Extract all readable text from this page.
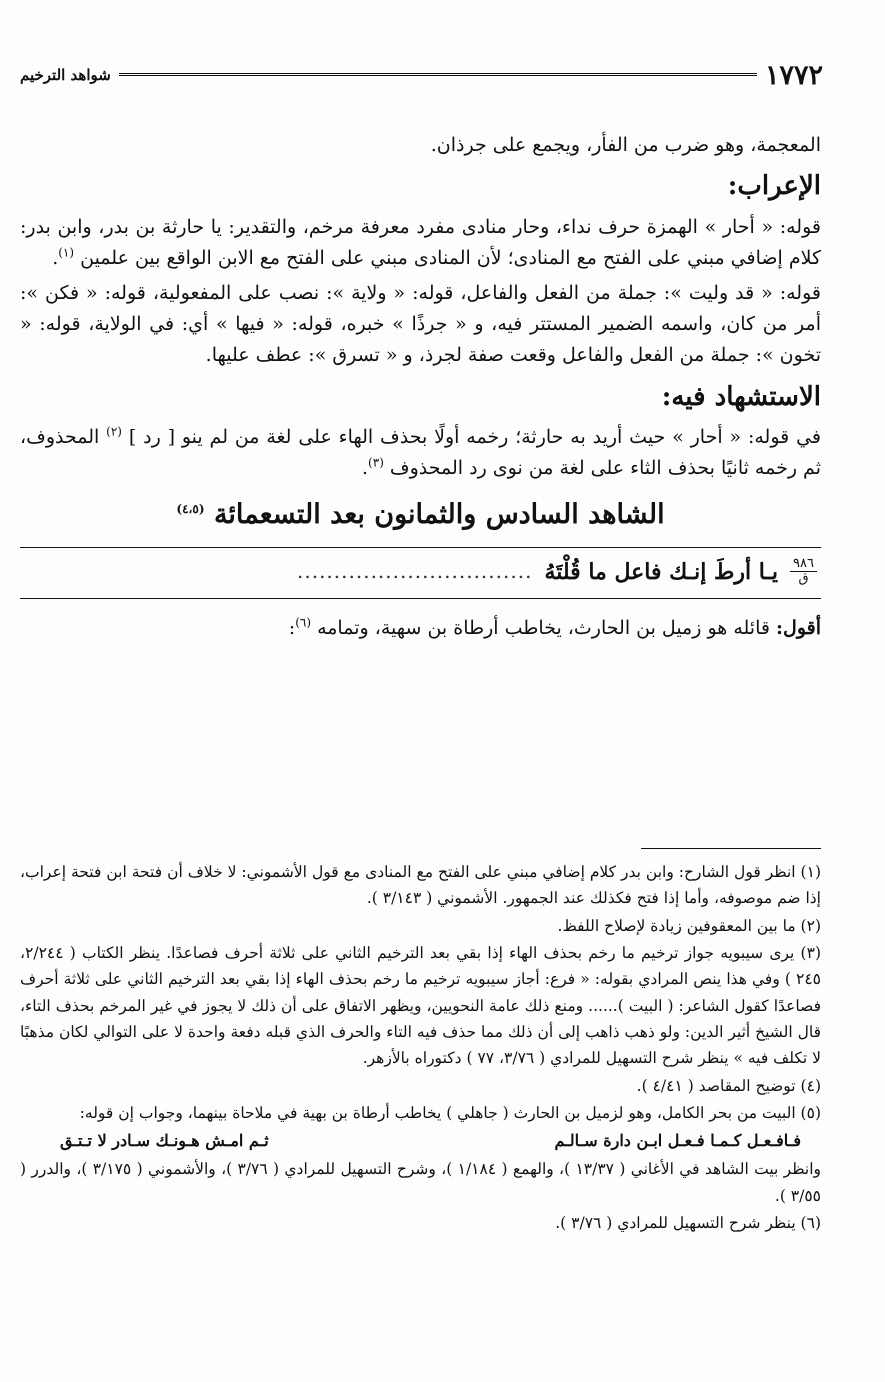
١٧٧٢
شواهد الترخيم

المعجمة، وهو ضرب من الفأر، ويجمع على جرذان.

الإعراب:

قوله: « أحار » الهمزة حرف نداء، وحار منادى مفرد معرفة مرخم، والتقدير: يا حارثة بن بدر، وابن بدر: كلام إضافي مبني على الفتح مع المنادى؛ لأن المنادى مبني على الفتح مع الابن الواقع بين علمين $^{(١)}$.

قوله: « قد وليت »: جملة من الفعل والفاعل، قوله: « ولاية »: نصب على المفعولية، قوله: « فكن »: أمر من كان، واسمه الضمير المستتر فيه، و « جرذًا » خبره، قوله: « فيها » أي: في الولاية، قوله: « تخون »: جملة من الفعل والفاعل وقعت صفة لجرذ، و « تسرق »: عطف عليها.

الاستشهاد فيه:

في قوله: « أحار » حيث أريد به حارثة؛ رخمه أولًا بحذف الهاء على لغة من لم ينو [ رد ] $^{(٢)}$ المحذوف، ثم رخمه ثانيًا بحذف الثاء على لغة من نوى رد المحذوف $^{(٣)}$.

الشاهد السادس والثمانون بعد التسعمائة $^{(٤،٥)}$
٩٨٦
ق
يـا أرطَ إنـك فاعل ما قُلْتَهُ
................................

أقول: قائله هو زميل بن الحارث، يخاطب أرطاة بن سهية، وتمامه $^{(٦)}$:

(١) انظر قول الشارح: وابن بدر كلام إضافي مبني على الفتح مع المنادى مع قول الأشموني: لا خلاف أن فتحة ابن فتحة إعراب، إذا ضم موصوفه، وأما إذا فتح فكذلك عند الجمهور. الأشموني ( ٣/١٤٣ ).

(٢) ما بين المعقوفين زيادة لإصلاح اللفظ.

(٣) يرى سيبويه جواز ترخيم ما رخم بحذف الهاء إذا بقي بعد الترخيم الثاني على ثلاثة أحرف فصاعدًا. ينظر الكتاب ( ٢/٢٤٤، ٢٤٥ ) وفي هذا ينص المرادي بقوله: « فرع: أجاز سيبويه ترخيم ما رخم بحذف الهاء إذا بقي بعد الترخيم الثاني على ثلاثة أحرف فصاعدًا كقول الشاعر: ( البيت )...... ومنع ذلك عامة النحويين، ويظهر الاتفاق على أن ذلك لا يجوز في غير المرخم بحذف التاء، قال الشيخ أثير الدين: ولو ذهب ذاهب إلى أن ذلك مما حذف فيه التاء والحرف الذي قبله دفعة واحدة لا على التوالي لكان مذهبًا لا تكلف فيه » ينظر شرح التسهيل للمرادي ( ٣/٧٦، ٧٧ ) دكتوراه بالأزهر.

(٤) توضيح المقاصد ( ٤/٤١ ).

(٥) البيت من بحر الكامل، وهو لزميل بن الحارث ( جاهلي ) يخاطب أرطاة بن بهية في ملاحاة بينهما، وجواب إن قوله:

فـافـعـل كـمـا فـعـل ابـن دارة سـالـم
ثـم امـش هـونـك سـادر لا تـتـق

وانظر بيت الشاهد في الأغاني ( ١٣/٣٧ )، والهمع ( ١/١٨٤ )، وشرح التسهيل للمرادي ( ٣/٧٦ )، والأشموني ( ٣/١٧٥ )، والدرر ( ٣/٥٥ ).

(٦) ينظر شرح التسهيل للمرادي ( ٣/٧٦ ).
